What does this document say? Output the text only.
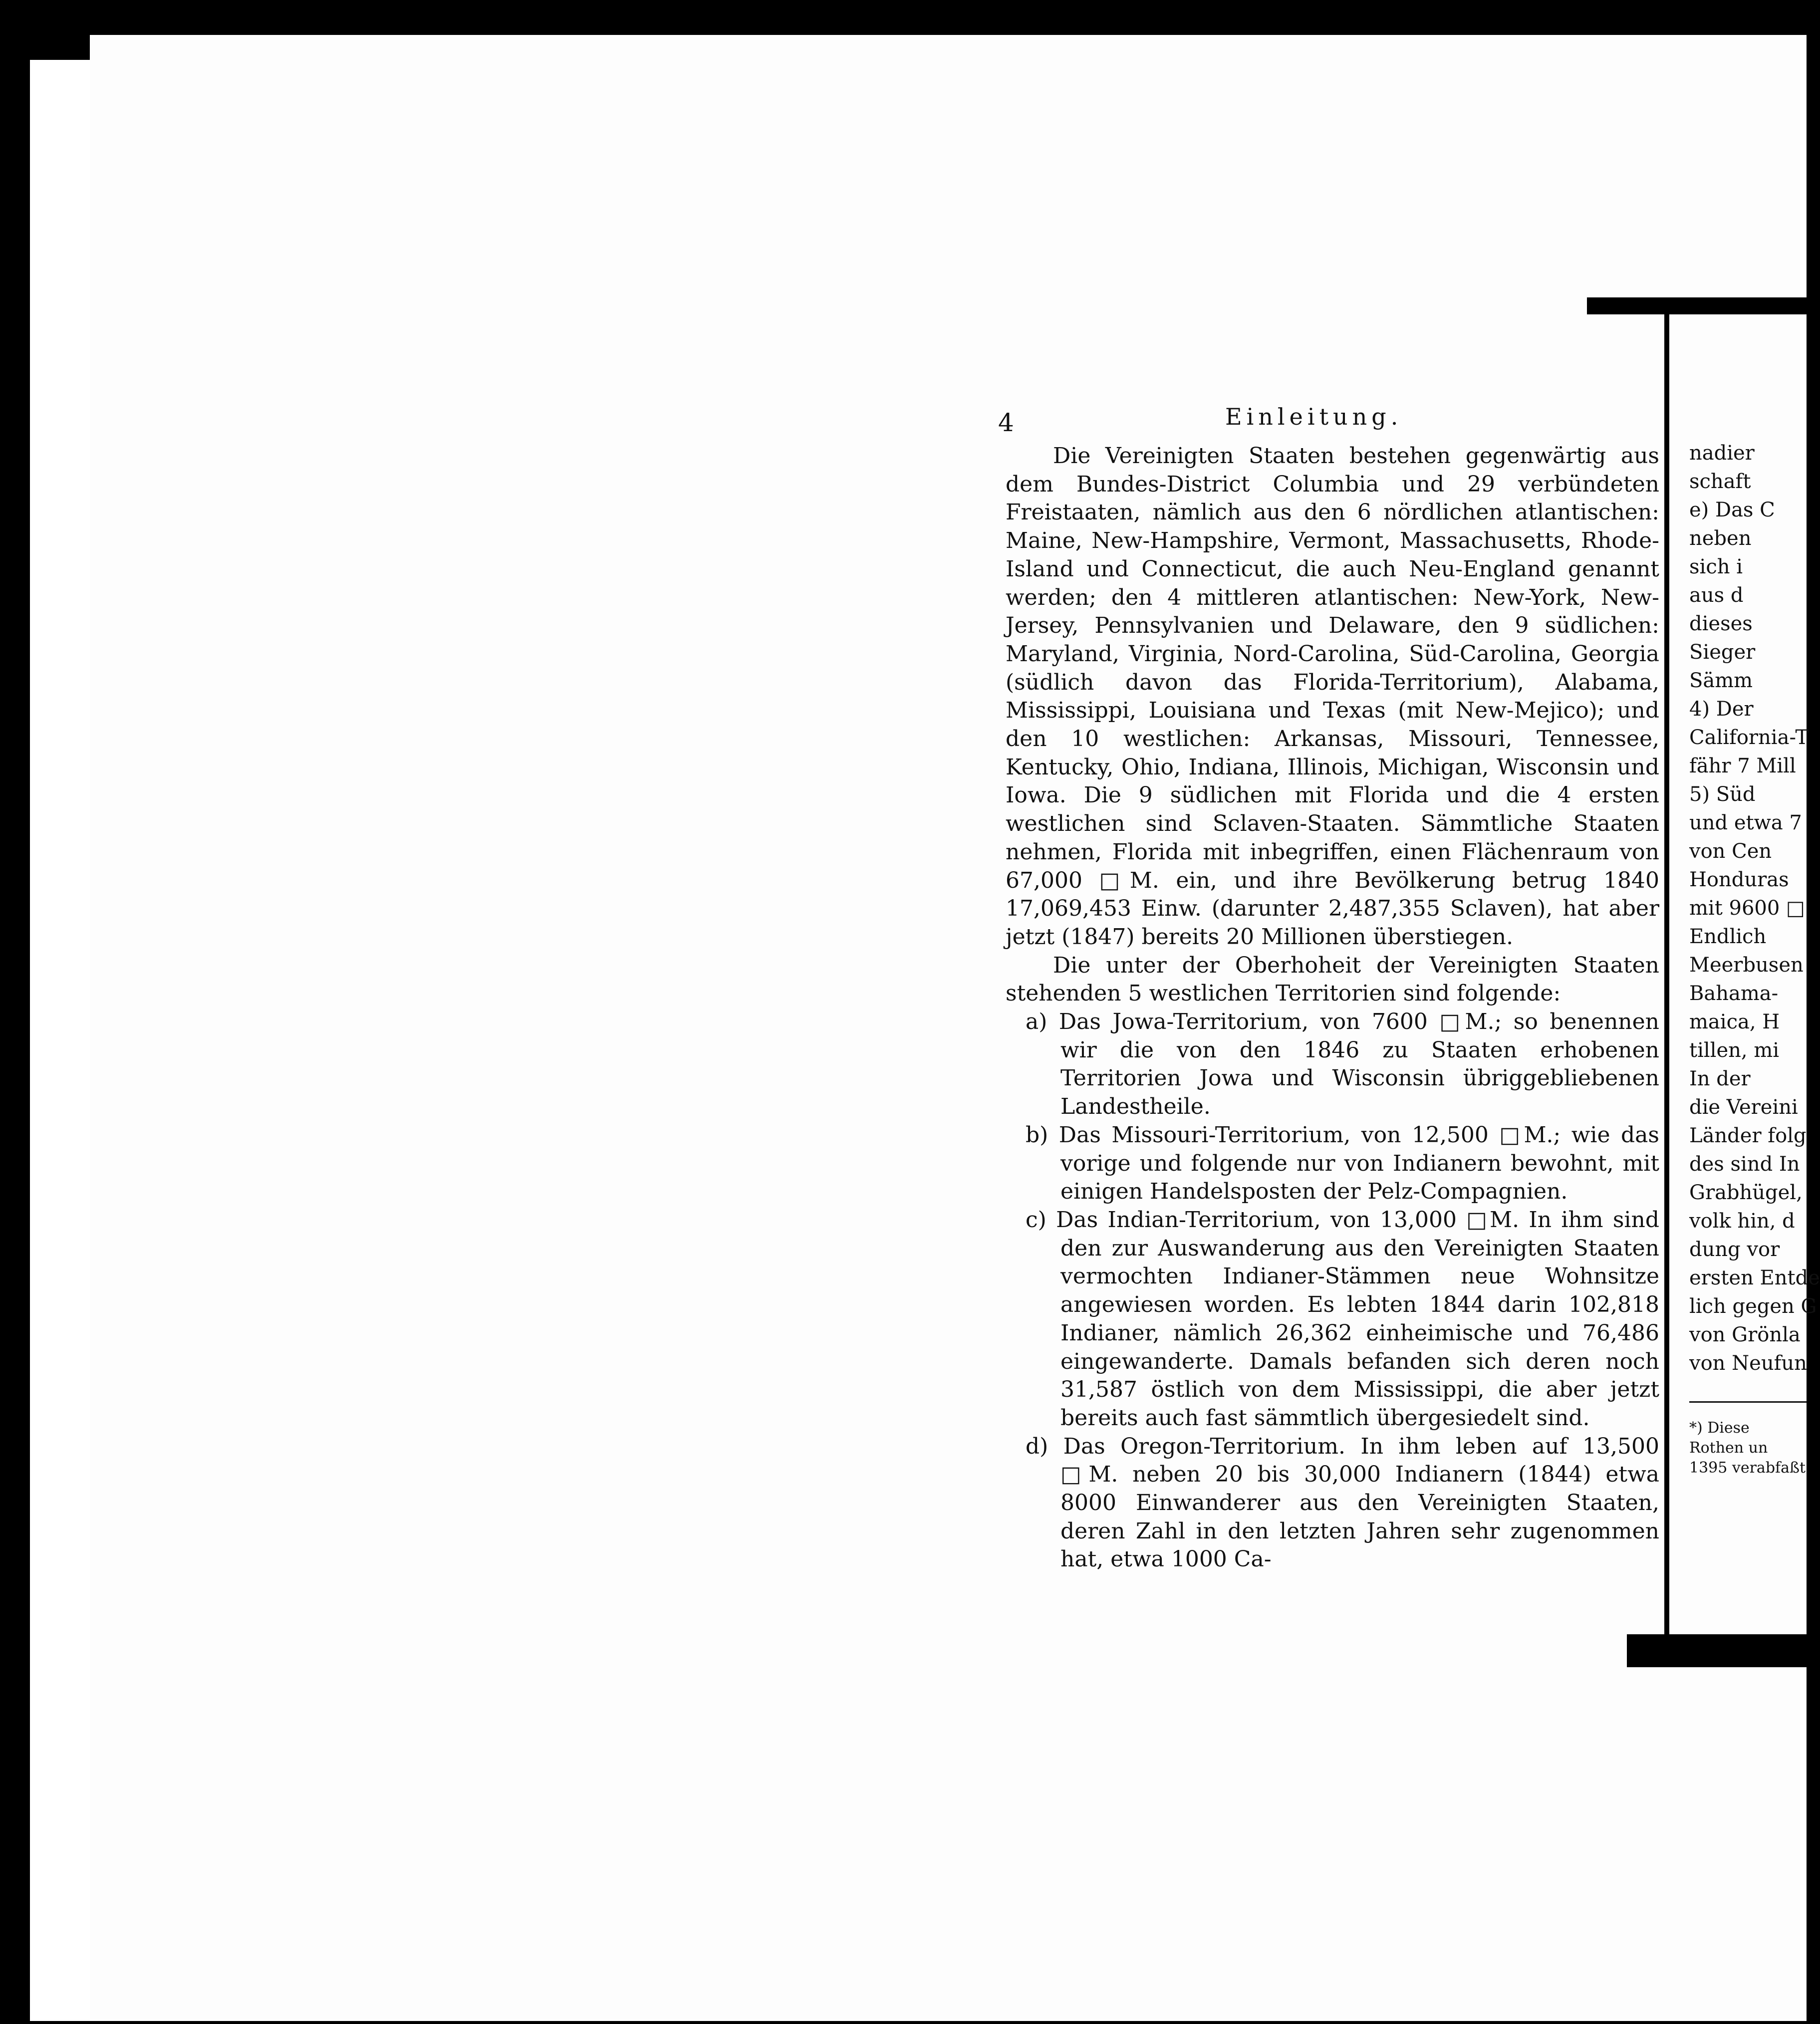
4	Einleitung.

Die Vereinigten Staaten bestehen gegenwärtig aus dem Bundes-District Columbia und 29 verbündeten Freistaaten, nämlich aus den 6 nördlichen atlantischen: Maine, New-Hampshire, Vermont, Massachusetts, Rhode-Island und Connecticut, die auch Neu-England genannt werden; den 4 mittleren atlantischen: New-York, New-Jersey, Pennsylvanien und Delaware, den 9 südlichen: Maryland, Virginia, Nord-Carolina, Süd-Carolina, Georgia (südlich davon das Florida-Territorium), Alabama, Mississippi, Louisiana und Texas (mit New-Mejico); und den 10 westlichen: Arkansas, Missouri, Tennessee, Kentucky, Ohio, Indiana, Illinois, Michigan, Wisconsin und Iowa. Die 9 südlichen mit Florida und die 4 ersten westlichen sind Sclaven-Staaten. Sämmtliche Staaten nehmen, Florida mit inbegriffen, einen Flächenraum von 67,000 □M. ein, und ihre Bevölkerung betrug 1840 17,069,453 Einw. (darunter 2,487,355 Sclaven), hat aber jetzt (1847) bereits 20 Millionen überstiegen.

Die unter der Oberhoheit der Vereinigten Staaten stehenden 5 westlichen Territorien sind folgende:

a) Das Jowa-Territorium, von 7600 □M.; so benennen wir die von den 1846 zu Staaten erhobenen Territorien Jowa und Wisconsin übriggebliebenen Landestheile.

b) Das Missouri-Territorium, von 12,500 □M.; wie das vorige und folgende nur von Indianern bewohnt, mit einigen Handelsposten der Pelz-Compagnien.

c) Das Indian-Territorium, von 13,000 □M. In ihm sind den zur Auswanderung aus den Vereinigten Staaten vermochten Indianer-Stämmen neue Wohnsitze angewiesen worden. Es lebten 1844 darin 102,818 Indianer, nämlich 26,362 einheimische und 76,486 eingewanderte. Damals befanden sich deren noch 31,587 östlich von dem Mississippi, die aber jetzt bereits auch fast sämmtlich übergesiedelt sind.

d) Das Oregon-Territorium. In ihm leben auf 13,500 □M. neben 20 bis 30,000 Indianern (1844) etwa 8000 Einwanderer aus den Vereinigten Staaten, deren Zahl in den letzten Jahren sehr zugenommen hat, etwa 1000 Ca-

nadier
schaft
e) Das C
neben
sich i
aus d
dieses
Sieger
Sämm
4) Der
California-T
fähr 7 Mill
5) Süd
und etwa 7
von Cen
Honduras
mit 9600 □
Endlich
Meerbusen
Bahama-
maica, H
tillen, mi
In der
die Vereini
Länder folg
des sind In
Grabhügel,
volk hin, d
dung vor
ersten Entde
lich gegen G
von Grönla
von Neufun
*) Diese
Rothen un
1395 verabfaßt
